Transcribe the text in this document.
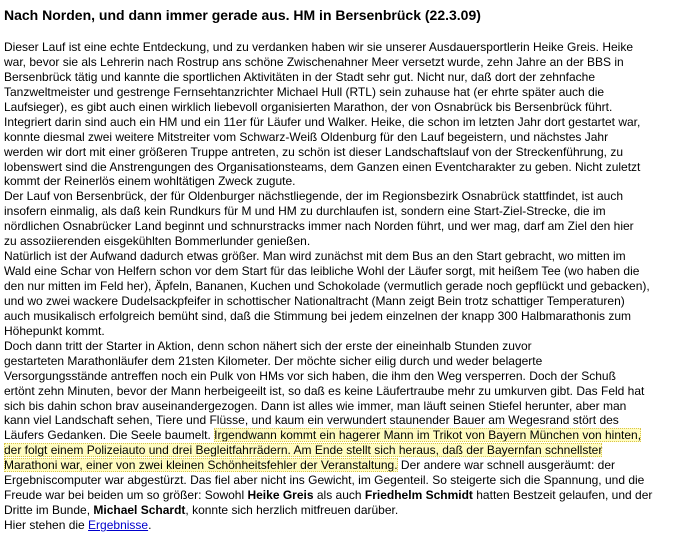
Nach Norden, und dann immer gerade aus. HM in Bersenbrück (22.3.09)
Dieser Lauf ist eine echte Entdeckung, und zu verdanken haben wir sie unserer Ausdauersportlerin Heike Greis. Heike
war, bevor sie als Lehrerin nach Rostrup ans schöne Zwischenahner Meer versetzt wurde, zehn Jahre an der BBS in
Bersenbrück tätig und kannte die sportlichen Aktivitäten in der Stadt sehr gut. Nicht nur, daß dort der zehnfache
Tanzweltmeister und gestrenge Fernsehtanzrichter Michael Hull (RTL) sein zuhause hat (er ehrte später auch die
Laufsieger), es gibt auch einen wirklich liebevoll organisierten Marathon, der von Osnabrück bis Bersenbrück führt.
Integriert darin sind auch ein HM und ein 11er für Läufer und Walker. Heike, die schon im letzten Jahr dort gestartet war,
konnte diesmal zwei weitere Mitstreiter vom Schwarz-Weiß Oldenburg für den Lauf begeistern, und nächstes Jahr
werden wir dort mit einer größeren Truppe antreten, zu schön ist dieser Landschaftslauf von der Streckenführung, zu
lobenswert sind die Anstrengungen des Organisationsteams, dem Ganzen einen Eventcharakter zu geben. Nicht zuletzt
kommt der Reinerlös einem wohltätigen Zweck zugute.
Der Lauf von Bersenbrück, der für Oldenburger nächstliegende, der im Regionsbezirk Osnabrück stattfindet, ist auch
insofern einmalig, als daß kein Rundkurs für M und HM zu durchlaufen ist, sondern eine Start-Ziel-Strecke, die im
nördlichen Osnabrücker Land beginnt und schnurstracks immer nach Norden führt, und wer mag, darf am Ziel den hier
zu assoziierenden eisgekühlten Bommerlunder genießen.
Natürlich ist der Aufwand dadurch etwas größer. Man wird zunächst mit dem Bus an den Start gebracht, wo mitten im
Wald eine Schar von Helfern schon vor dem Start für das leibliche Wohl der Läufer sorgt, mit heißem Tee (wo haben die
den nur mitten im Feld her), Äpfeln, Bananen, Kuchen und Schokolade (vermutlich gerade noch gepflückt und gebacken),
und wo zwei wackere Dudelsackpfeifer in schottischer Nationaltracht (Mann zeigt Bein trotz schattiger Temperaturen)
auch musikalisch erfolgreich bemüht sind, daß die Stimmung bei jedem einzelnen der knapp 300 Halbmarathonis zum
Höhepunkt kommt.
Doch dann tritt der Starter in Aktion, denn schon nähert sich der erste der eineinhalb Stunden zuvor
gestarteten Marathonläufer dem 21sten Kilometer. Der möchte sicher eilig durch und weder belagerte
Versorgungsstände antreffen noch ein Pulk von HMs vor sich haben, die ihm den Weg versperren. Doch der Schuß
ertönt zehn Minuten, bevor der Mann herbeigeeilt ist, so daß es keine Läufertraube mehr zu umkurven gibt. Das Feld hat
sich bis dahin schon brav auseinandergezogen. Dann ist alles wie immer, man läuft seinen Stiefel herunter, aber man
kann viel Landschaft sehen, Tiere und Flüsse, und kaum ein verwundert staunender Bauer am Wegesrand stört des
Läufers Gedanken. Die Seele baumelt. Irgendwann kommt ein hagerer Mann im Trikot von Bayern München von hinten,
der folgt einem Polizeiauto und drei Begleitfahrrädern. Am Ende stellt sich heraus, daß der Bayernfan schnellster
Marathoni war, einer von zwei kleinen Schönheitsfehler der Veranstaltung. Der andere war schnell ausgeräumt: der
Ergebniscomputer war abgestürzt. Das fiel aber nicht ins Gewicht, im Gegenteil. So steigerte sich die Spannung, und die
Freude war bei beiden um so größer: Sowohl Heike Greis als auch Friedhelm Schmidt hatten Bestzeit gelaufen, und der
Dritte im Bunde, Michael Schardt, konnte sich herzlich mitfreuen darüber.
Hier stehen die Ergebnisse.
